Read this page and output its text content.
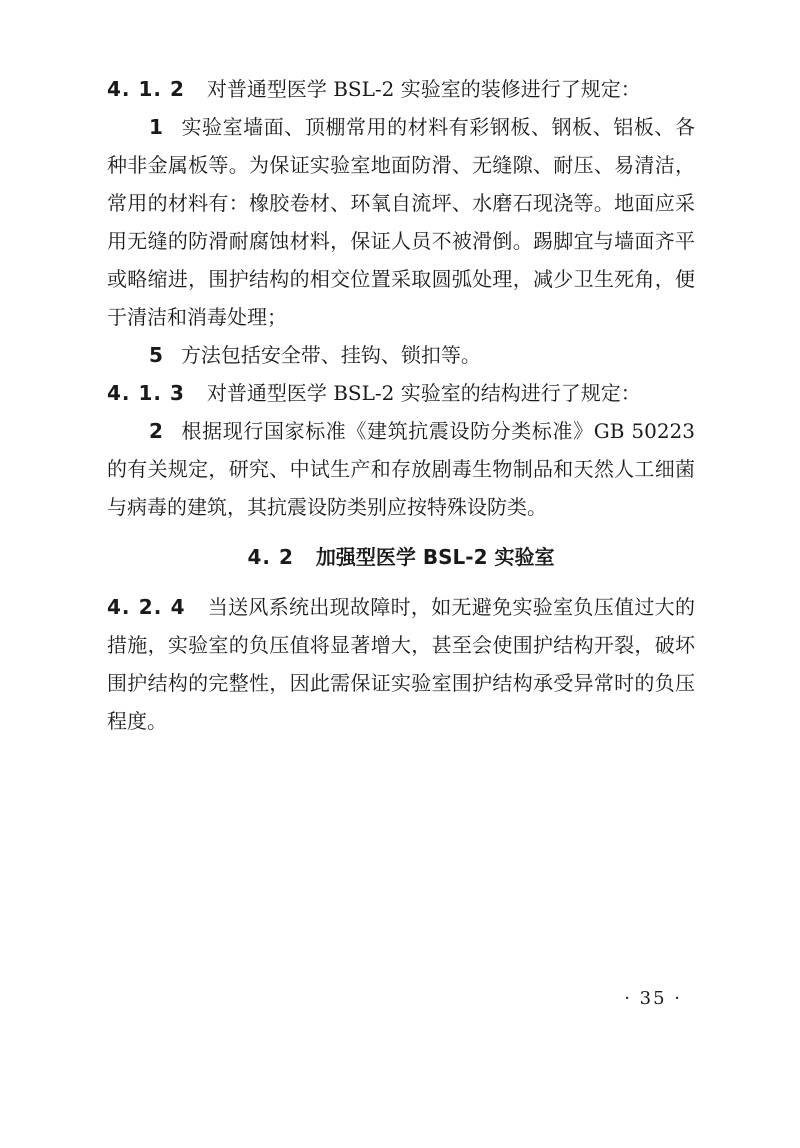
4. 1. 2 对普通型医学 BSL-2 实验室的装修进行了规定：

1 实验室墙面、顶棚常用的材料有彩钢板、钢板、铝板、各种非金属板等。为保证实验室地面防滑、无缝隙、耐压、易清洁，常用的材料有：橡胶卷材、环氧自流坪、水磨石现浇等。地面应采用无缝的防滑耐腐蚀材料，保证人员不被滑倒。踢脚宜与墙面齐平或略缩进，围护结构的相交位置采取圆弧处理，减少卫生死角，便于清洁和消毒处理；

5 方法包括安全带、挂钩、锁扣等。

4. 1. 3 对普通型医学 BSL-2 实验室的结构进行了规定：

2 根据现行国家标准《建筑抗震设防分类标准》GB 50223 的有关规定，研究、中试生产和存放剧毒生物制品和天然人工细菌与病毒的建筑，其抗震设防类别应按特殊设防类。

4. 2 加强型医学 BSL-2 实验室

4. 2. 4 当送风系统出现故障时，如无避免实验室负压值过大的措施，实验室的负压值将显著增大，甚至会使围护结构开裂，破坏围护结构的完整性，因此需保证实验室围护结构承受异常时的负压程度。

· 35 ·
